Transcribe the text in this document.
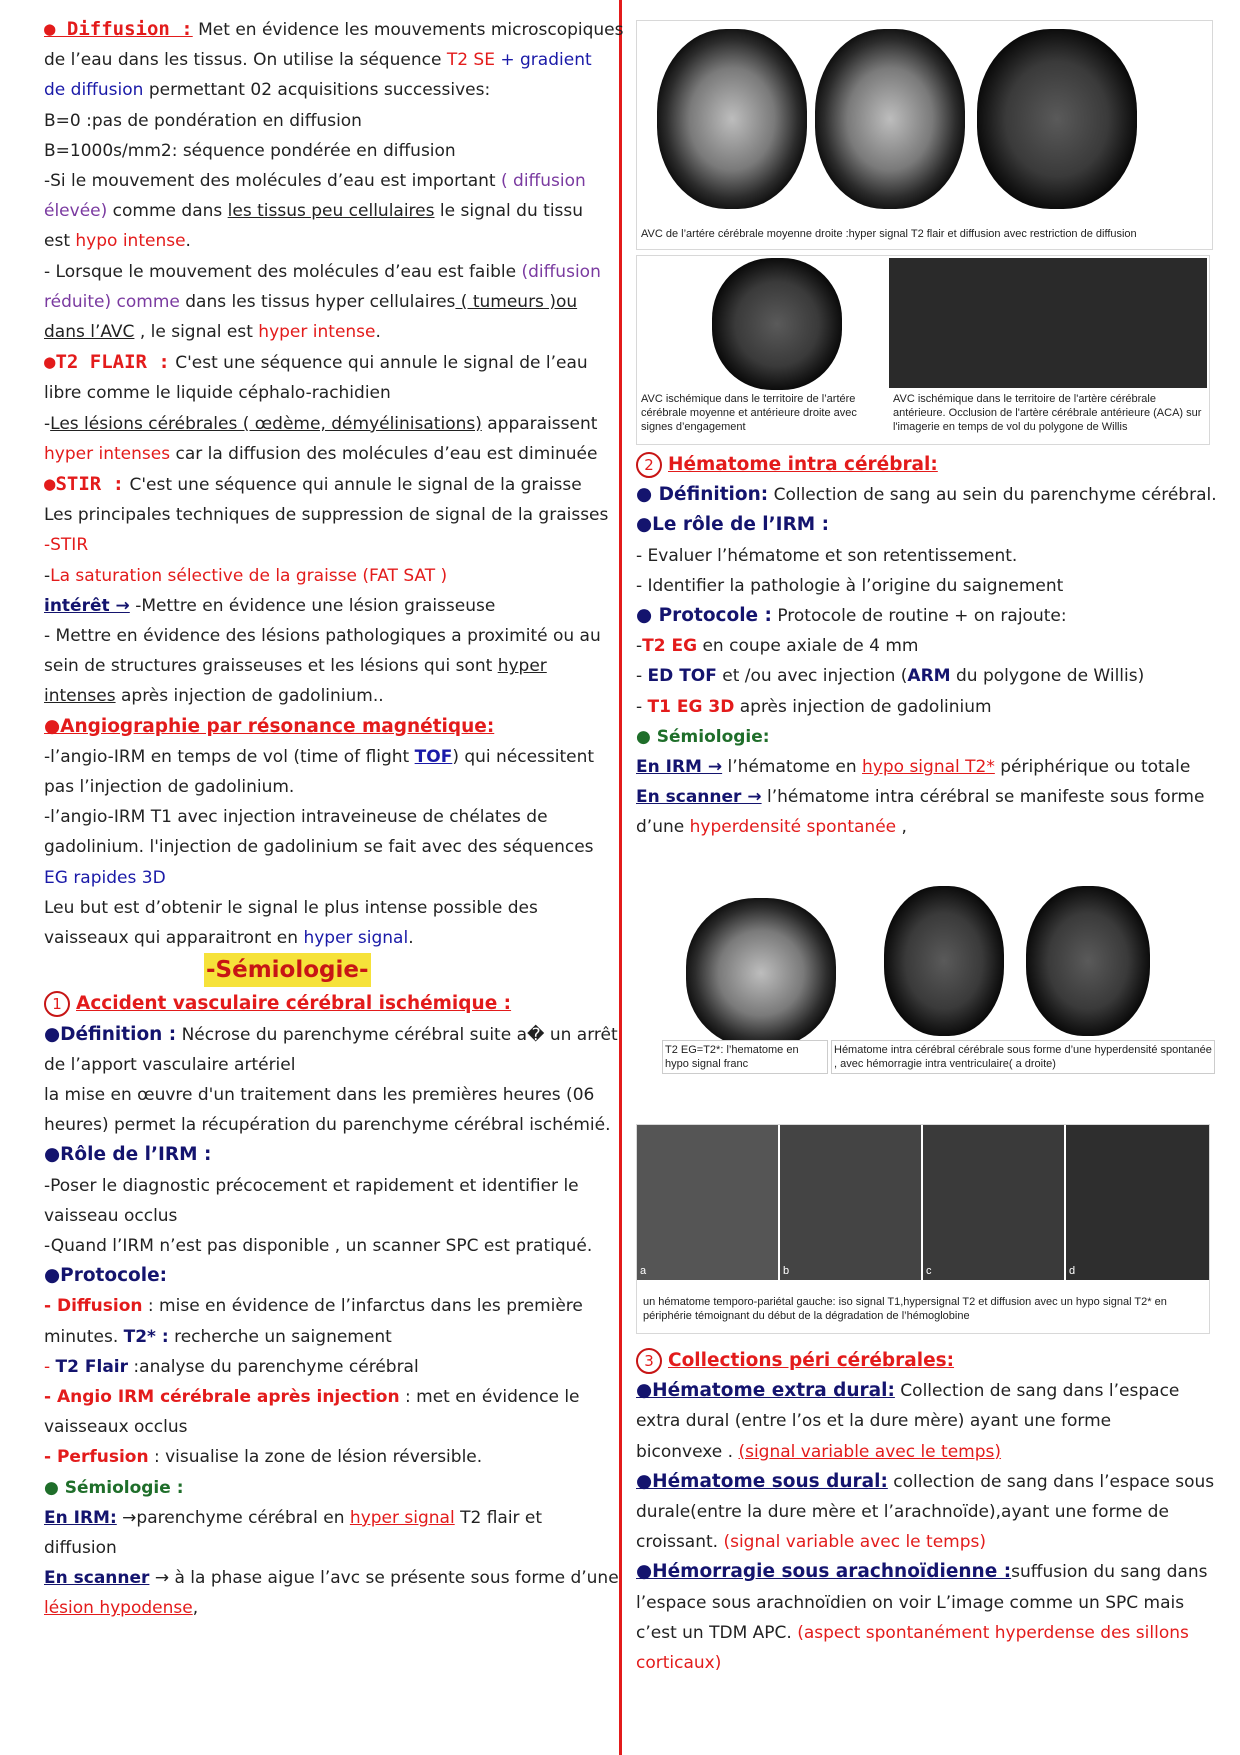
● Diffusion : Met en évidence les mouvements microscopiques

de l’eau dans les tissus. On utilise la séquence T2 SE + gradient

de diffusion permettant 02 acquisitions successives:

B=0 :pas de pondération en diffusion

B=1000s/mm2: séquence pondérée en diffusion

-Si le mouvement des molécules d’eau est important ( diffusion

élevée) comme dans les tissus peu cellulaires le signal du tissu

est hypo intense.

- Lorsque le mouvement des molécules d’eau est faible (diffusion

réduite) comme dans les tissus hyper cellulaires ( tumeurs )ou

dans l’AVC , le signal est hyper intense.

●T2 FLAIR : C'est une séquence qui annule le signal de l’eau

libre comme le liquide céphalo-rachidien

-Les lésions cérébrales ( œdème, démyélinisations) apparaissent

hyper intenses car la diffusion des molécules d’eau est diminuée

●STIR : C'est une séquence qui annule le signal de la graisse

Les principales techniques de suppression de signal de la graisses

-STIR

-La saturation sélective de la graisse (FAT SAT )

intérêt → -Mettre en évidence une lésion graisseuse

- Mettre en évidence des lésions pathologiques a proximité ou au

sein de structures graisseuses et les lésions qui sont hyper

intenses après injection de gadolinium..

●Angiographie par résonance magnétique:

-l’angio-IRM en temps de vol (time of flight TOF) qui nécessitent

pas l’injection de gadolinium.

-l’angio-IRM T1 avec injection intraveineuse de chélates de

gadolinium. l'injection de gadolinium se fait avec des séquences

EG rapides 3D

Leu but est d’obtenir le signal le plus intense possible des

vaisseaux qui apparaitront en hyper signal.

-Sémiologie-

1 Accident vasculaire cérébral ischémique :

●Définition : Nécrose du parenchyme cérébral suite a� un arrêt

de l’apport vasculaire artériel

la mise en œuvre d'un traitement dans les premières heures (06

heures) permet la récupération du parenchyme cérébral ischémié.

●Rôle de l’IRM :

-Poser le diagnostic précocement et rapidement et identifier le

vaisseau occlus

-Quand l’IRM n’est pas disponible , un scanner SPC est pratiqué.

●Protocole:

- Diffusion : mise en évidence de l’infarctus dans les première

minutes. T2* : recherche un saignement

- T2 Flair :analyse du parenchyme cérébral

- Angio IRM cérébrale après injection : met en évidence le

vaisseaux occlus

- Perfusion : visualise la zone de lésion réversible.

● Sémiologie :

En IRM: →parenchyme cérébral en hyper signal T2 flair et

diffusion

En scanner → à la phase aigue l’avc se présente sous forme d’une

lésion hypodense,

AVC de l’artére cérébrale moyenne droite :hyper signal T2 flair et diffusion avec restriction de diffusion
AVC ischémique dans le territoire de l’artére cérébrale moyenne et antérieure droite avec signes d’engagement
AVC ischémique dans le territoire de l'artère cérébrale antérieure. Occlusion de l'artère cérébrale antérieure (ACA) sur l'imagerie en temps de vol du polygone de Willis
T2 EG=T2*: l’hematome en hypo signal franc
Hématome intra cérébral cérébrale sous forme d’une hyperdensité spontanée , avec hémorragie intra ventriculaire( a droite)
a	b	c	d
un hématome temporo-pariétal gauche: iso signal T1,hypersignal T2 et diffusion avec un hypo signal T2* en périphérie témoignant du début de la dégradation de l’hémoglobine

2 Hématome intra cérébral:

● Définition: Collection de sang au sein du parenchyme cérébral.

●Le rôle de l’IRM :

- Evaluer l’hématome et son retentissement.

- Identifier la pathologie à l’origine du saignement

● Protocole : Protocole de routine + on rajoute:

-T2 EG en coupe axiale de 4 mm

- ED TOF et /ou avec injection (ARM du polygone de Willis)

- T1 EG 3D après injection de gadolinium

● Sémiologie:

En IRM → l’hématome en hypo signal T2* périphérique ou totale

En scanner → l’hématome intra cérébral se manifeste sous forme

d’une hyperdensité spontanée ,

3 Collections péri cérébrales:

●Hématome extra dural: Collection de sang dans l’espace

extra dural (entre l’os et la dure mère) ayant une forme

biconvexe . (signal variable avec le temps)

●Hématome sous dural: collection de sang dans l’espace sous

durale(entre la dure mère et l’arachnoïde),ayant une forme de

croissant. (signal variable avec le temps)

●Hémorragie sous arachnoïdienne :suffusion du sang dans

l’espace sous arachnoïdien on voir L’image comme un SPC mais

c’est un TDM APC. (aspect spontanément hyperdense des sillons

corticaux)
